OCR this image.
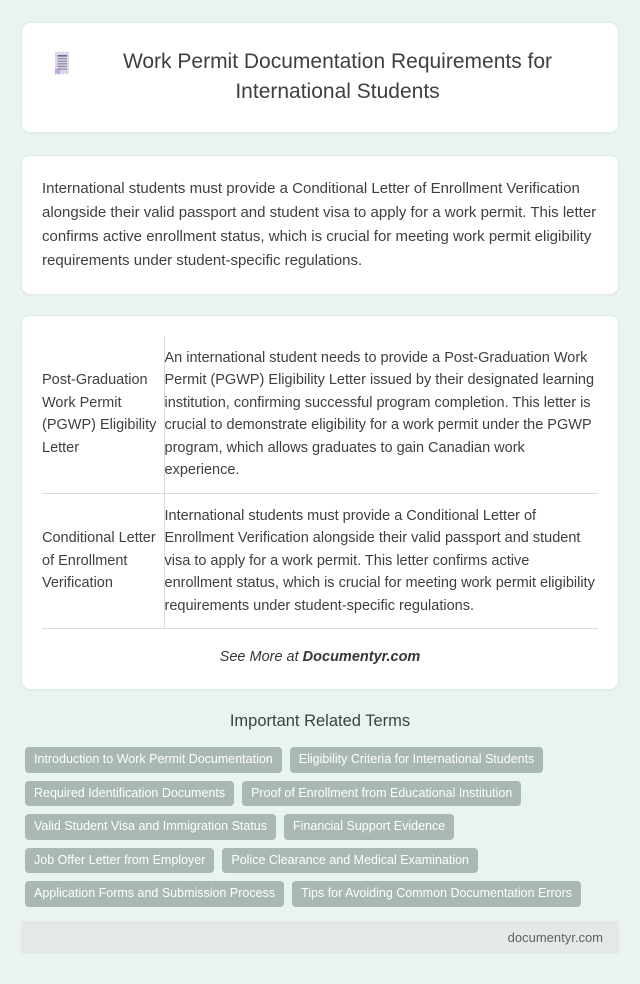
Work Permit Documentation Requirements for International Students

International students must provide a Conditional Letter of Enrollment Verification alongside their valid passport and student visa to apply for a work permit. This letter confirms active enrollment status, which is crucial for meeting work permit eligibility requirements under student-specific regulations.

Post-Graduation Work Permit (PGWP) Eligibility Letter	An international student needs to provide a Post-Graduation Work Permit (PGWP) Eligibility Letter issued by their designated learning institution, confirming successful program completion. This letter is crucial to demonstrate eligibility for a work permit under the PGWP program, which allows graduates to gain Canadian work experience.
Conditional Letter of Enrollment Verification	International students must provide a Conditional Letter of Enrollment Verification alongside their valid passport and student visa to apply for a work permit. This letter confirms active enrollment status, which is crucial for meeting work permit eligibility requirements under student-specific regulations.
See More at Documentyr.com
Important Related Terms
Introduction to Work Permit Documentation	Eligibility Criteria for International Students
Required Identification Documents	Proof of Enrollment from Educational Institution
Valid Student Visa and Immigration Status	Financial Support Evidence
Job Offer Letter from Employer	Police Clearance and Medical Examination
Application Forms and Submission Process	Tips for Avoiding Common Documentation Errors
documentyr.com
